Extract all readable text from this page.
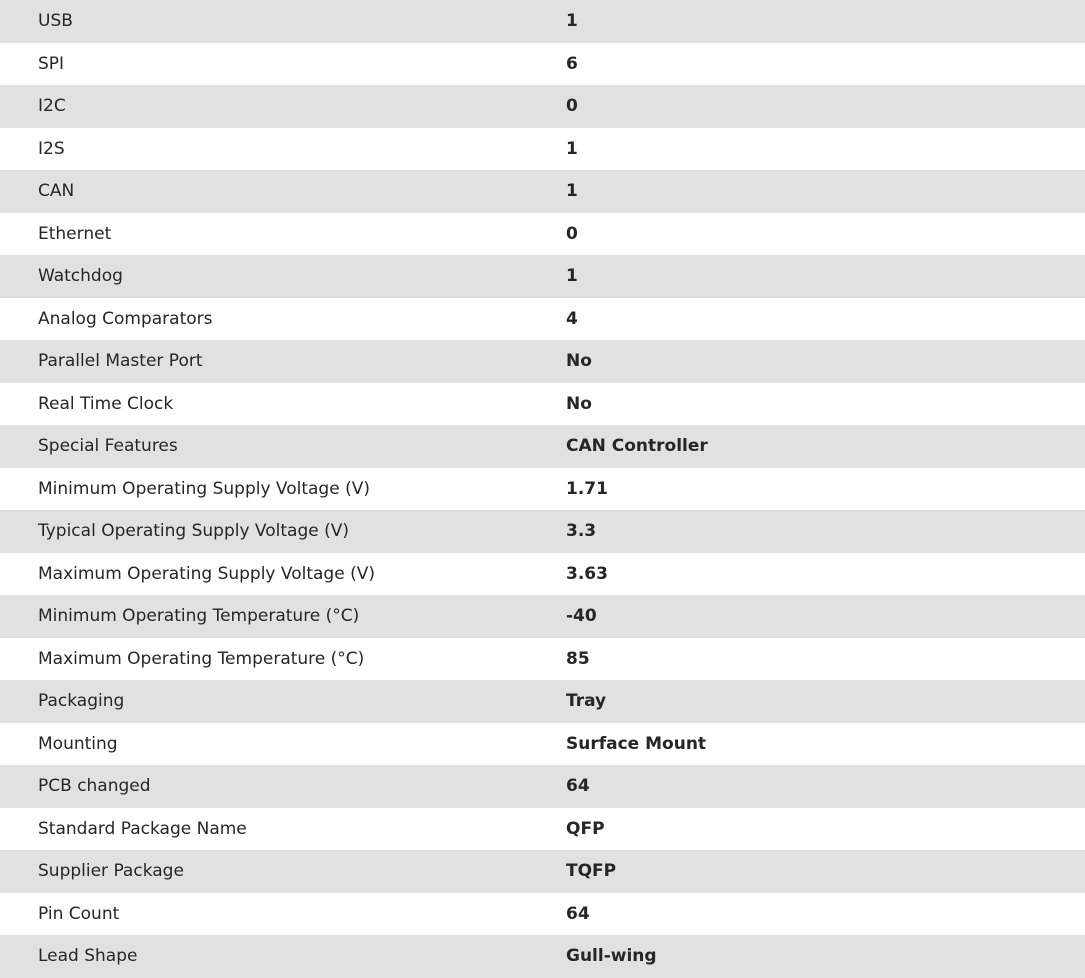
USB	1
SPI	6
I2C	0
I2S	1
CAN	1
Ethernet	0
Watchdog	1
Analog Comparators	4
Parallel Master Port	No
Real Time Clock	No
Special Features	CAN Controller
Minimum Operating Supply Voltage (V)	1.71
Typical Operating Supply Voltage (V)	3.3
Maximum Operating Supply Voltage (V)	3.63
Minimum Operating Temperature (°C)	-40
Maximum Operating Temperature (°C)	85
Packaging	Tray
Mounting	Surface Mount
PCB changed	64
Standard Package Name	QFP
Supplier Package	TQFP
Pin Count	64
Lead Shape	Gull-wing
